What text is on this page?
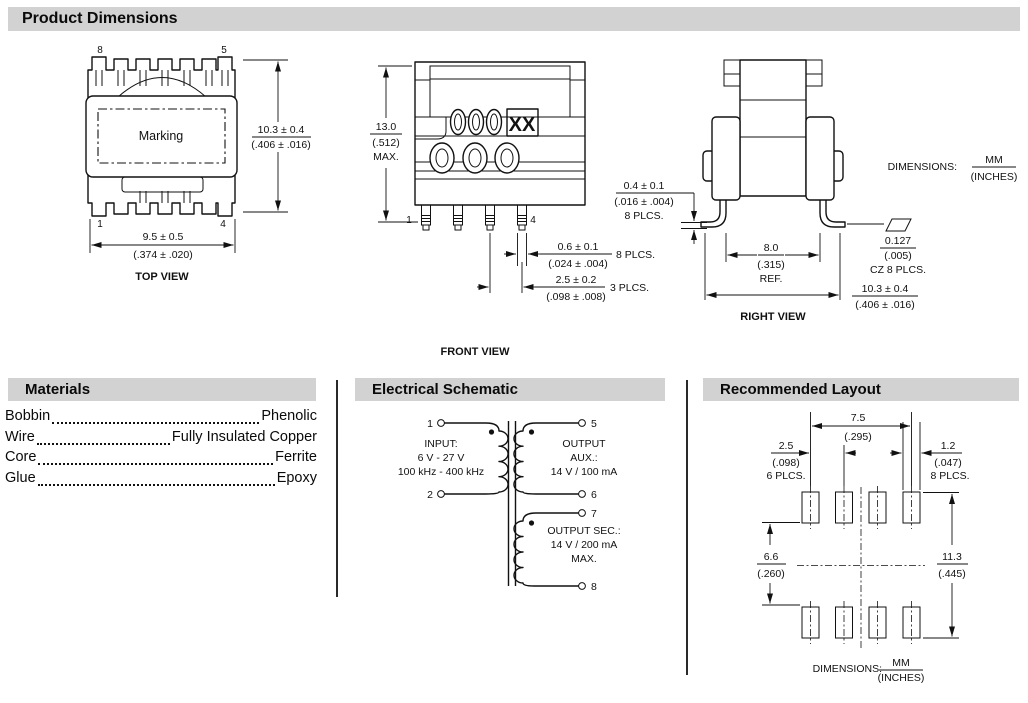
Product Dimensions
Marking
8	5
1	4
10.3 ± 0.4
(.406 ± .016)
9.5 ± 0.5
(.374 ± .020)
TOP VIEW
XX
1	4
13.0
(.512)
MAX.
0.6 ± 0.1
(.024 ± .004)
8 PLCS.
2.5 ± 0.2
(.098 ± .008)
3 PLCS.
FRONT VIEW
0.4 ± 0.1
(.016 ± .004)
8 PLCS.
8.0
(.315)
REF.
10.3 ± 0.4
(.406 ± .016)
0.127
(.005)
CZ 8 PLCS.
DIMENSIONS:
MM
(INCHES)
RIGHT VIEW
Materials	Electrical Schematic	Recommended Layout
Bobbin	Phenolic
Wire	Fully Insulated Copper
Core	Ferrite
Glue	Epoxy
1
2
INPUT:
6 V - 27 V
100 kHz - 400 kHz
5
6
OUTPUT
AUX.:
14 V / 100 mA
7
8
OUTPUT SEC.:
14 V / 200 mA
MAX.
7.5
(.295)
2.5
(.098)
6 PLCS.
1.2
(.047)
8 PLCS.
6.6
(.260)
11.3
(.445)
DIMENSIONS: MM
(INCHES)
